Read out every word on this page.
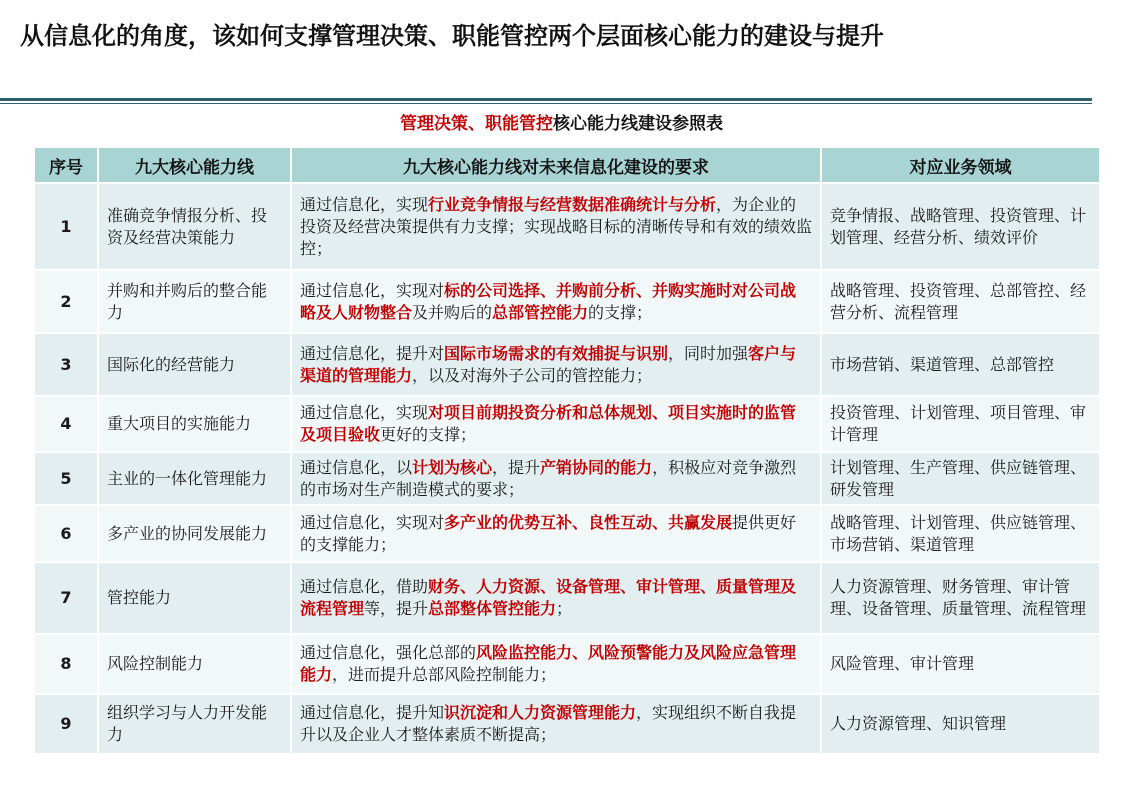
从信息化的角度，该如何支撑管理决策、职能管控两个层面核心能力的建设与提升
管理决策、职能管控核心能力线建设参照表
序号	九大核心能力线	九大核心能力线对未来信息化建设的要求	对应业务领域
1	准确竞争情报分析、投资及经营决策能力	通过信息化，实现行业竞争情报与经营数据准确统计与分析，为企业的投资及经营决策提供有力支撑；实现战略目标的清晰传导和有效的绩效监控；	竞争情报、战略管理、投资管理、计划管理、经营分析、绩效评价
2	并购和并购后的整合能力	通过信息化，实现对标的公司选择、并购前分析、并购实施时对公司战略及人财物整合及并购后的总部管控能力的支撑；	战略管理、投资管理、总部管控、经营分析、流程管理
3	国际化的经营能力	通过信息化，提升对国际市场需求的有效捕捉与识别，同时加强客户与渠道的管理能力，以及对海外子公司的管控能力；	市场营销、渠道管理、总部管控
4	重大项目的实施能力	通过信息化，实现对项目前期投资分析和总体规划、项目实施时的监管及项目验收更好的支撑；	投资管理、计划管理、项目管理、审计管理
5	主业的一体化管理能力	通过信息化，以计划为核心，提升产销协同的能力，积极应对竞争激烈的市场对生产制造模式的要求；	计划管理、生产管理、供应链管理、研发管理
6	多产业的协同发展能力	通过信息化，实现对多产业的优势互补、良性互动、共赢发展提供更好的支撑能力；	战略管理、计划管理、供应链管理、市场营销、渠道管理
7	管控能力	通过信息化，借助财务、人力资源、设备管理、审计管理、质量管理及流程管理等，提升总部整体管控能力；	人力资源管理、财务管理、审计管理、设备管理、质量管理、流程管理
8	风险控制能力	通过信息化，强化总部的风险监控能力、风险预警能力及风险应急管理能力，进而提升总部风险控制能力；	风险管理、审计管理
9	组织学习与人力开发能力	通过信息化，提升知识沉淀和人力资源管理能力，实现组织不断自我提升以及企业人才整体素质不断提高；	人力资源管理、知识管理
